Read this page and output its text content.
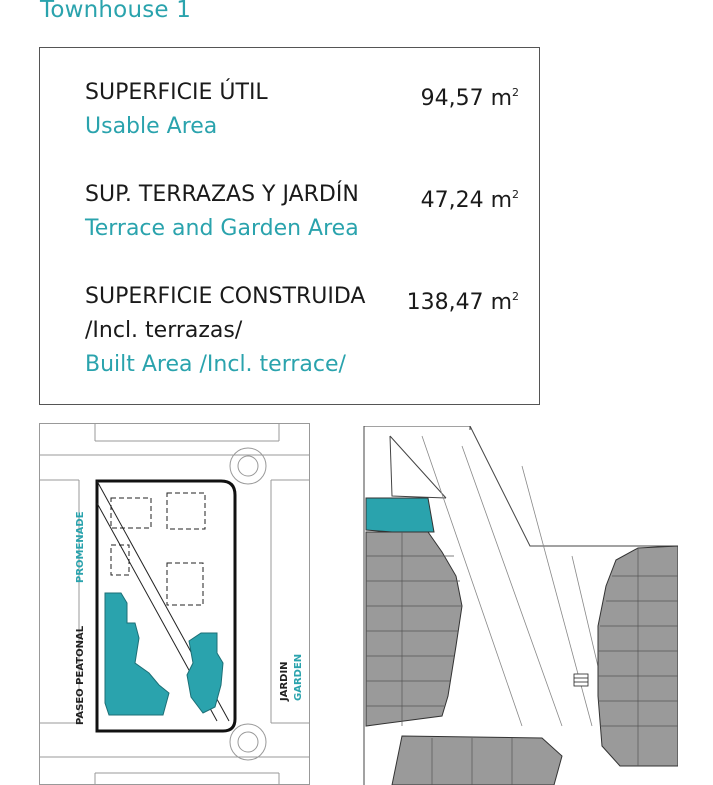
Townhouse 1
SUPERFICIE ÚTIL
Usable Area
94,57 $m^2$
SUP. TERRAZAS Y JARDÍN
Terrace and Garden Area
47,24 $m^2$
SUPERFICIE CONSTRUIDA
/Incl. terrazas/
Built Area /Incl. terrace/
138,47 $m^2$
PROMENADE
PASEO PEATONAL	JARDIN GARDEN
